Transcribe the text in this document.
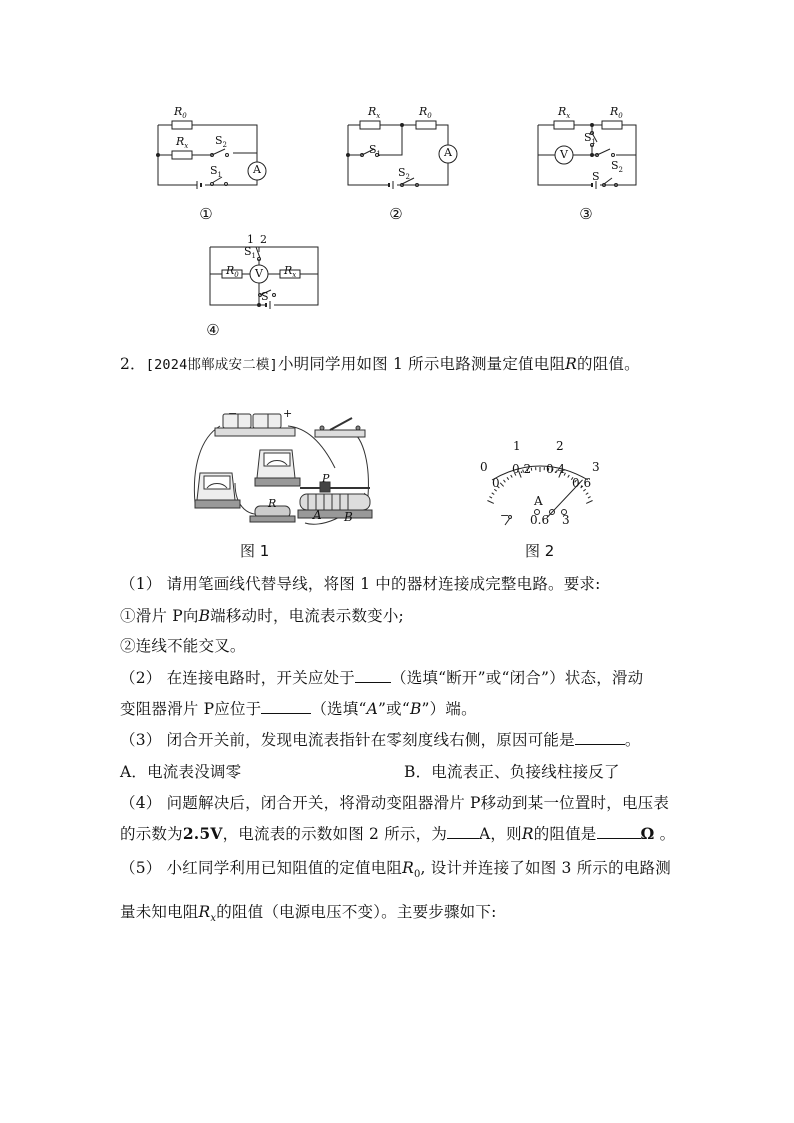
$R_0$
$R_x$ $S_2$
$S_1$	A
①
$R_x$	$R_0$
$S_1$
$S_2$
A
②
$R_x$	$R_0$
$S_1$
$S_2$
S
V
③
1 2
$S_1$
$R_0$	$R_x$
V
S
④
2．[2024邯郸成安二模]小明同学用如图 1 所示电路测量定值电阻R的阻值。
−	+
P
A B
R
图 1
0
1	2
3
0
0.2 0.4
0.6
A
− 0.6 3
图 2
（1） 请用笔画线代替导线，将图 1 中的器材连接成完整电路。要求:
①滑片 P向B端移动时，电流表示数变小;
②连线不能交叉。
（2） 在连接电路时，开关应处于 （选填“断开”或“闭合”）状态，滑动
变阻器滑片 P应位于	（选填“A”或“B”）端。
（3） 闭合开关前，发现电流表指针在零刻度线右侧，原因可能是	。
A．电流表没调零	B．电流表正、负接线柱接反了
（4） 问题解决后，闭合开关，将滑动变阻器滑片 P移动到某一位置时，电压表
的示数为2.5V，电流表的示数如图 2 所示，为 A，则R的阻值是	Ω 。
（5） 小红同学利用已知阻值的定值电阻$R_0$, 设计并连接了如图 3 所示的电路测
量未知电阻$R_x$的阻值（电源电压不变）。主要步骤如下:
